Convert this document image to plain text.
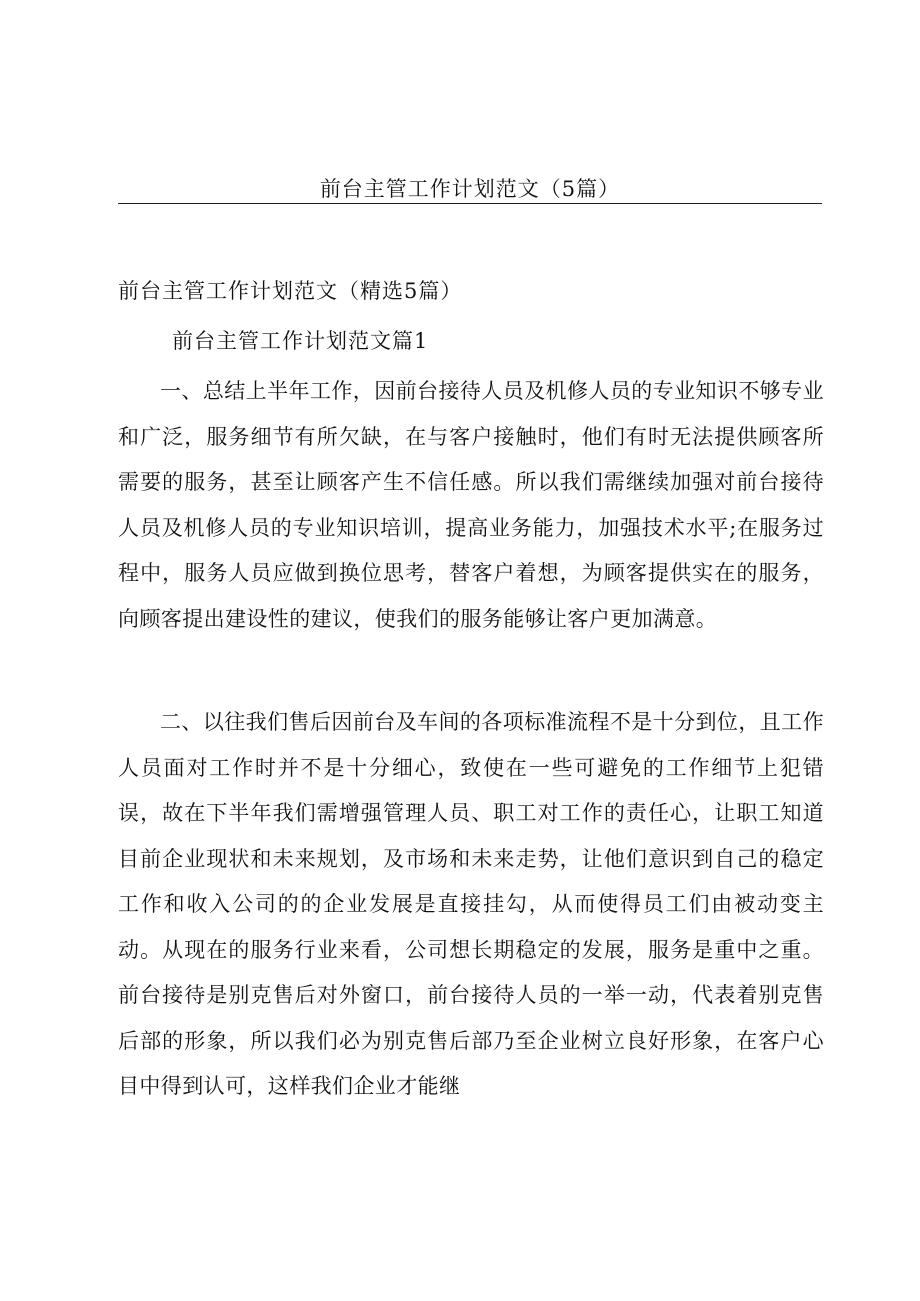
前台主管工作计划范文（5篇）
前台主管工作计划范文（精选5篇）
前台主管工作计划范文篇1

一、总结上半年工作，因前台接待人员及机修人员的专业知识不够专业和广泛，服务细节有所欠缺，在与客户接触时，他们有时无法提供顾客所需要的服务，甚至让顾客产生不信任感。所以我们需继续加强对前台接待人员及机修人员的专业知识培训，提高业务能力，加强技术水平;在服务过程中，服务人员应做到换位思考，替客户着想，为顾客提供实在的服务，向顾客提出建设性的建议，使我们的服务能够让客户更加满意。

二、以往我们售后因前台及车间的各项标准流程不是十分到位，且工作人员面对工作时并不是十分细心，致使在一些可避免的工作细节上犯错误，故在下半年我们需增强管理人员、职工对工作的责任心，让职工知道目前企业现状和未来规划，及市场和未来走势，让他们意识到自己的稳定工作和收入公司的的企业发展是直接挂勾，从而使得员工们由被动变主动。从现在的服务行业来看，公司想长期稳定的发展，服务是重中之重。前台接待是别克售后对外窗口，前台接待人员的一举一动，代表着别克售后部的形象，所以我们必为别克售后部乃至企业树立良好形象，在客户心目中得到认可，这样我们企业才能继
